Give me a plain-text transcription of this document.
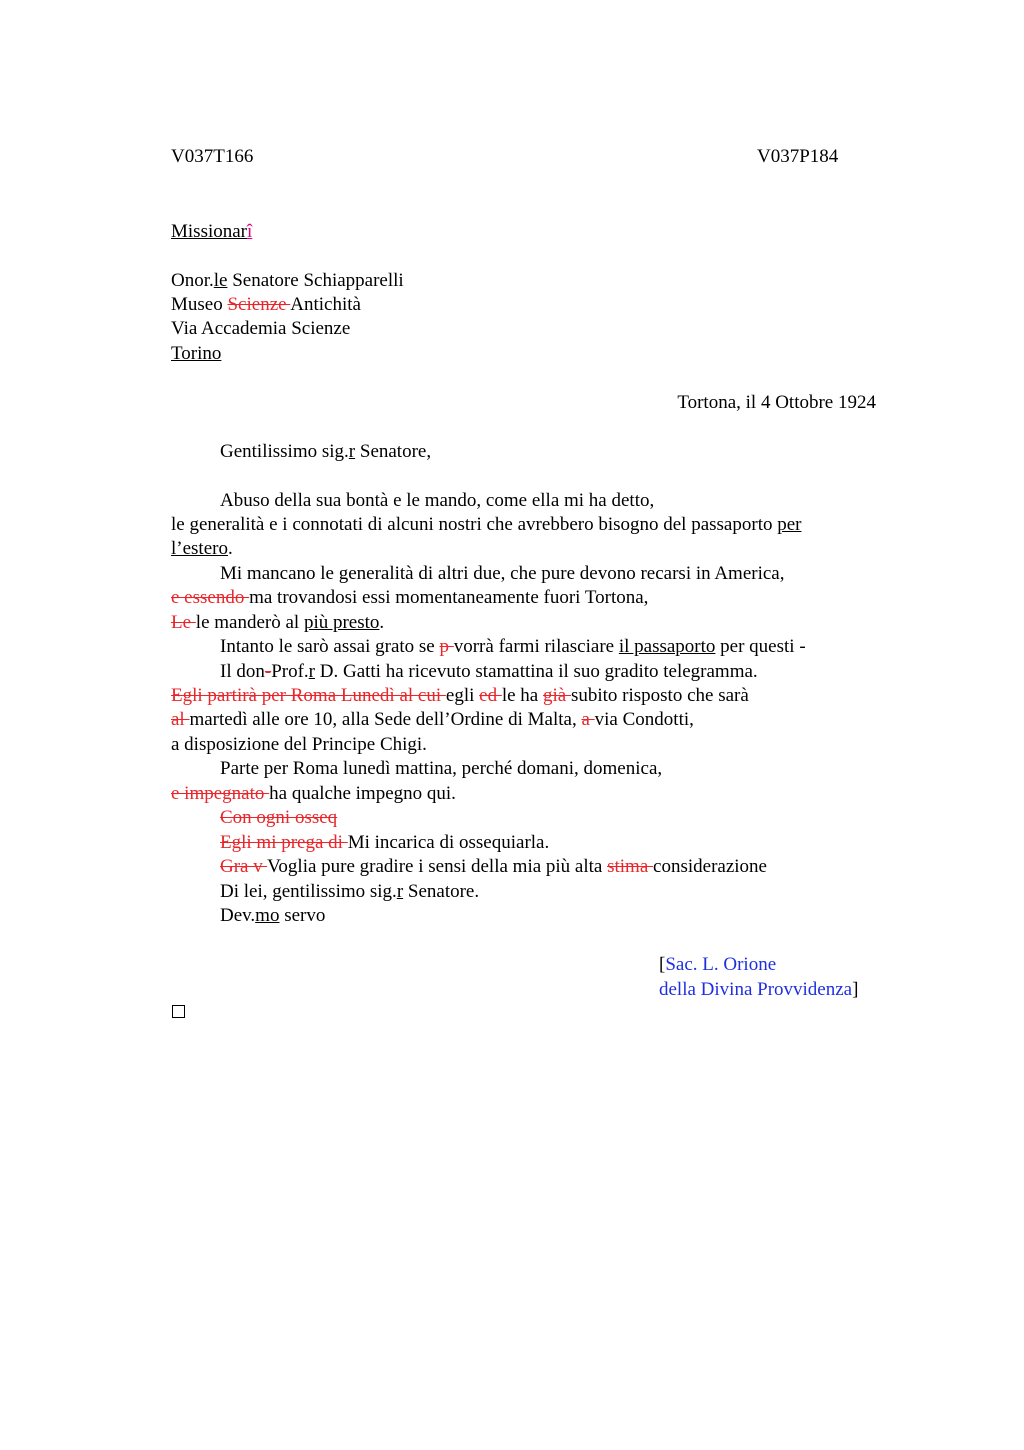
V037T166	V037P184
Missionarî
Onor.le Senatore Schiapparelli
Museo Scienze Antichità
Via Accademia Scienze
Torino
Tortona, il 4 Ottobre 1924
Gentilissimo sig.r Senatore,
Abuso della sua bontà e le mando, come ella mi ha detto,
le generalità e i connotati di alcuni nostri che avrebbero bisogno del passaporto per
l’estero.
Mi mancano le generalità di altri due, che pure devono recarsi in America,
e essendo ma trovandosi essi momentaneamente fuori Tortona,
Le le manderò al più presto.
Intanto le sarò assai grato se p vorrà farmi rilasciare il passaporto per questi -
Il don-Prof.r D. Gatti ha ricevuto stamattina il suo gradito telegramma.
Egli partirà per Roma Lunedì al cui egli ed le ha già subito risposto che sarà
al martedì alle ore 10, alla Sede dell’Ordine di Malta, a via Condotti,
a disposizione del Principe Chigi.
Parte per Roma lunedì mattina, perché domani, domenica,
e impegnato ha qualche impegno qui.
Con ogni osseq
Egli mi prega di Mi incarica di ossequiarla.
Gra v Voglia pure gradire i sensi della mia più alta stima considerazione
Di lei, gentilissimo sig.r Senatore.
Dev.mo servo
[Sac. L. Orione
della Divina Provvidenza]
